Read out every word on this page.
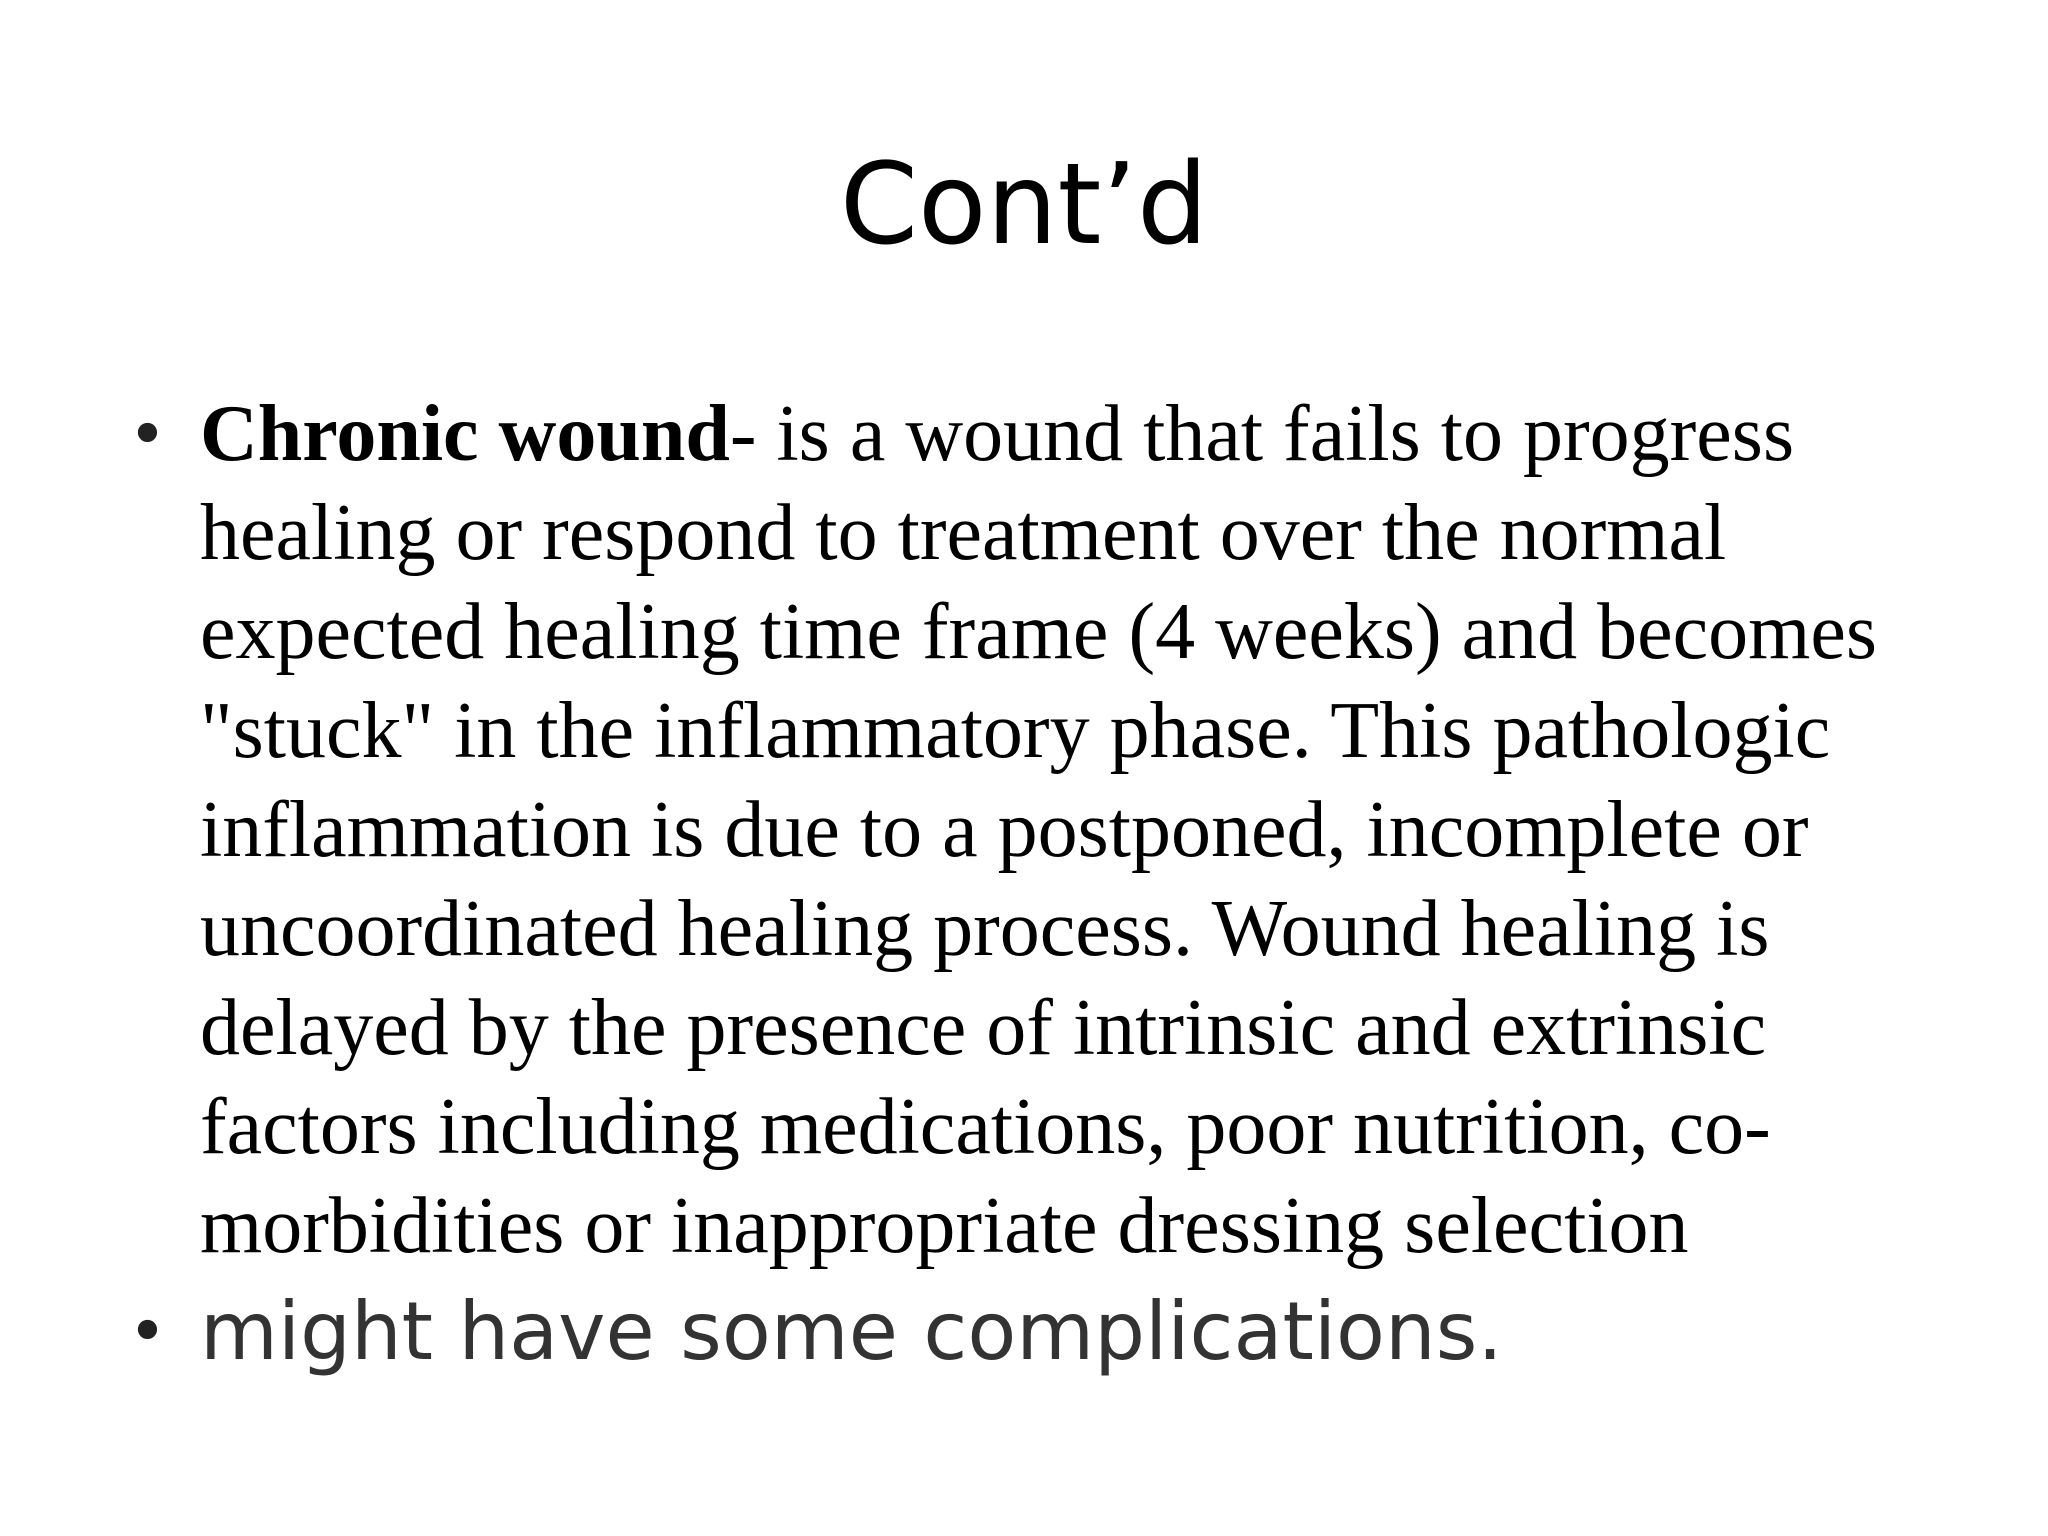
Cont’d
• Chronic wound- is a wound that fails to progress healing or respond to treatment over the normal expected healing time frame (4 weeks) and becomes "stuck" in the inflammatory phase. This pathologic inflammation is due to a postponed, incomplete or uncoordinated healing process. Wound healing is delayed by the presence of intrinsic and extrinsic factors including medications, poor nutrition, co-morbidities or inappropriate dressing selection
• might have some complications.
